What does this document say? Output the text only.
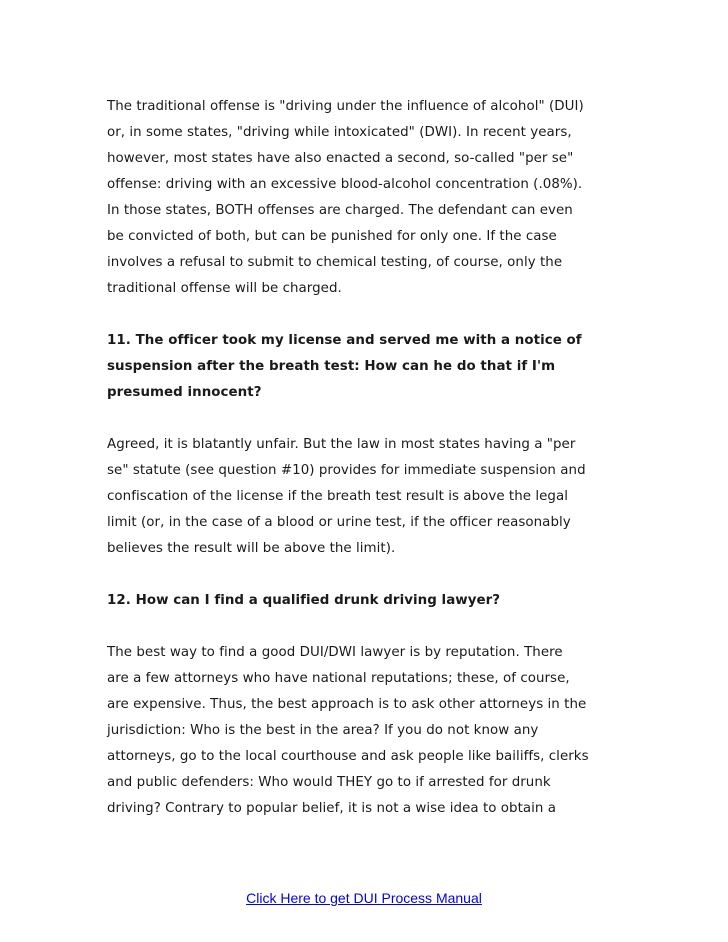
The traditional offense is "driving under the influence of alcohol" (DUI)
or, in some states, "driving while intoxicated" (DWI). In recent years,
however, most states have also enacted a second, so-called "per se"
offense: driving with an excessive blood-alcohol concentration (.08%).
In those states, BOTH offenses are charged. The defendant can even
be convicted of both, but can be punished for only one. If the case
involves a refusal to submit to chemical testing, of course, only the
traditional offense will be charged.

11. The officer took my license and served me with a notice of
suspension after the breath test: How can he do that if I'm
presumed innocent?

Agreed, it is blatantly unfair. But the law in most states having a "per
se" statute (see question #10) provides for immediate suspension and
confiscation of the license if the breath test result is above the legal
limit (or, in the case of a blood or urine test, if the officer reasonably
believes the result will be above the limit).

12. How can I find a qualified drunk driving lawyer?

The best way to find a good DUI/DWI lawyer is by reputation. There
are a few attorneys who have national reputations; these, of course,
are expensive. Thus, the best approach is to ask other attorneys in the
jurisdiction: Who is the best in the area? If you do not know any
attorneys, go to the local courthouse and ask people like bailiffs, clerks
and public defenders: Who would THEY go to if arrested for drunk
driving? Contrary to popular belief, it is not a wise idea to obtain a

Click Here to get DUI Process Manual
